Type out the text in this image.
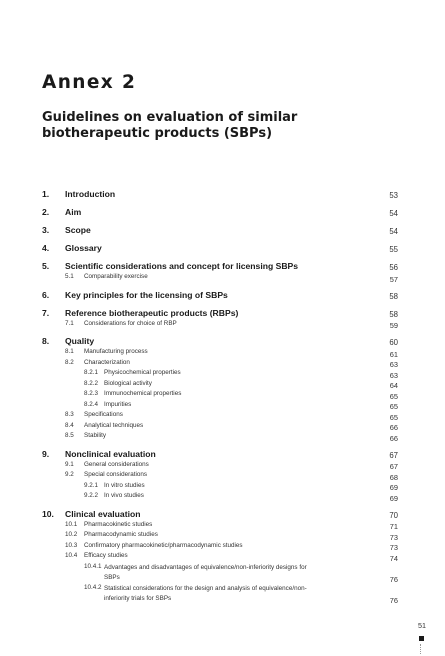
Annex 2
Guidelines on evaluation of similar biotherapeutic products (SBPs)
1. Introduction	53
2. Aim	54
3. Scope	54
4. Glossary	55
5. Scientific considerations and concept for licensing SBPs	56
5.1 Comparability exercise	57
6. Key principles for the licensing of SBPs	58
7. Reference biotherapeutic products (RBPs)	58
7.1 Considerations for choice of RBP	59
8. Quality	60
8.1 Manufacturing process	61
8.2 Characterization	63
8.2.1 Physicochemical properties	63
8.2.2 Biological activity	64
8.2.3 Immunochemical properties	65
8.2.4 Impurities	65
8.3 Specifications	65
8.4 Analytical techniques	66
8.5 Stability	66
9. Nonclinical evaluation	67
9.1 General considerations	67
9.2 Special considerations	68
9.2.1 In vitro studies	69
9.2.2 In vivo studies	69
10. Clinical evaluation	70
10.1 Pharmacokinetic studies	71
10.2 Pharmacodynamic studies	73
10.3 Confirmatory pharmacokinetic/pharmacodynamic studies	73
10.4 Efficacy studies	74
10.4.1 Advantages and disadvantages of equivalence/non-inferiority designs for SBPs	76
10.4.2 Statistical considerations for the design and analysis of equivalence/non-inferiority trials for SBPs	76
51
